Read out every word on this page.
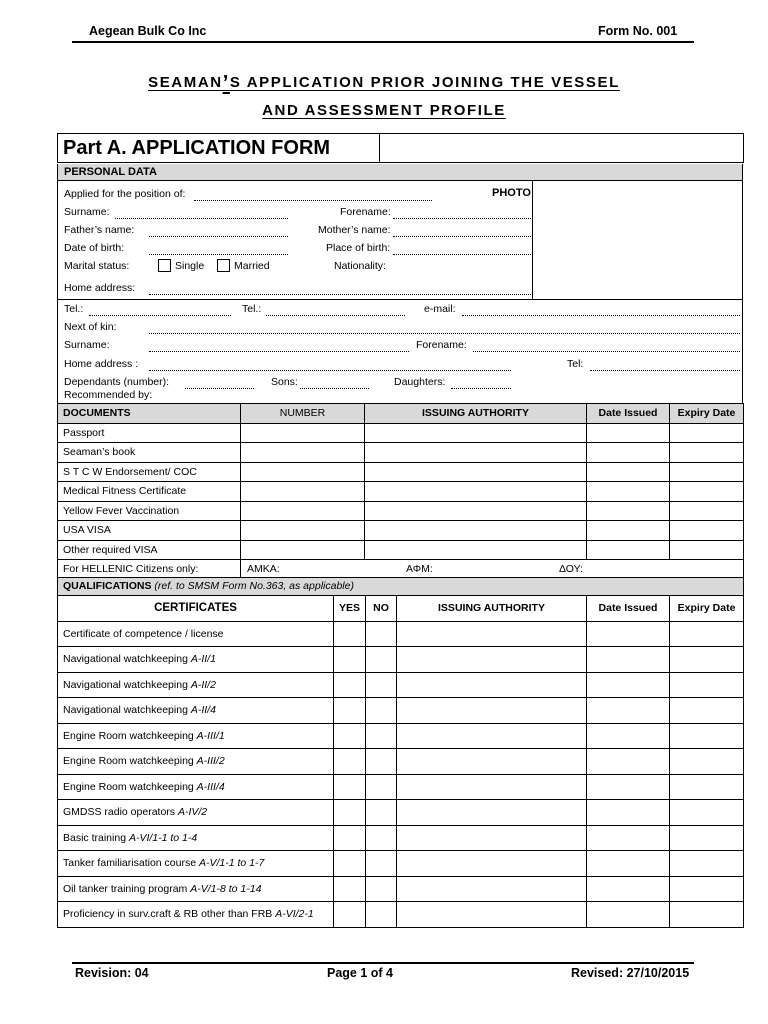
Aegean Bulk Co Inc	Form No. 001
SEAMAN’S APPLICATION PRIOR JOINING THE VESSEL
AND ASSESSMENT PROFILE
Part A. APPLICATION FORM	
PERSONAL DATA
PHOTO
Applied for the position of:
Surname:	Forename:
Father’s name:	Mother’s name:
Date of birth:	Place of birth:
Marital status:	Single	Married	Nationality:
Home address:
Tel.:	Tel.:	e-mail:
Next of kin:
Surname:	Forename:
Home address :	Tel:
Dependants (number):	Sons:	Daughters:
Recommended by:
DOCUMENTS	NUMBER	ISSUING AUTHORITY	Date Issued	Expiry Date
Passport				
Seaman’s book				
S T C W Endorsement/ COC				
Medical Fitness Certificate				
Yellow Fever Vaccination				
USA VISA				
Other required VISA				
For HELLENIC Citizens only:	AMKA: ΑΦΜ: ΔΟΥ:			
QUALIFICATIONS (ref. to SMSM Form No.363, as applicable)					
CERTIFICATES	YES	NO	ISSUING AUTHORITY	Date Issued	Expiry Date
Certificate of competence / license					
Navigational watchkeeping A-II/1					
Navigational watchkeeping A-II/2					
Navigational watchkeeping A-II/4					
Engine Room watchkeeping A-III/1					
Engine Room watchkeeping A-III/2					
Engine Room watchkeeping A-III/4					
GMDSS radio operators A-IV/2					
Basic training A-VI/1-1 to 1-4					
Tanker familiarisation course A-V/1-1 to 1-7					
Oil tanker training program A-V/1-8 to 1-14					
Proficiency in surv.craft & RB other than FRB A-VI/2-1					
Revision: 04	Page 1 of 4	Revised: 27/10/2015
